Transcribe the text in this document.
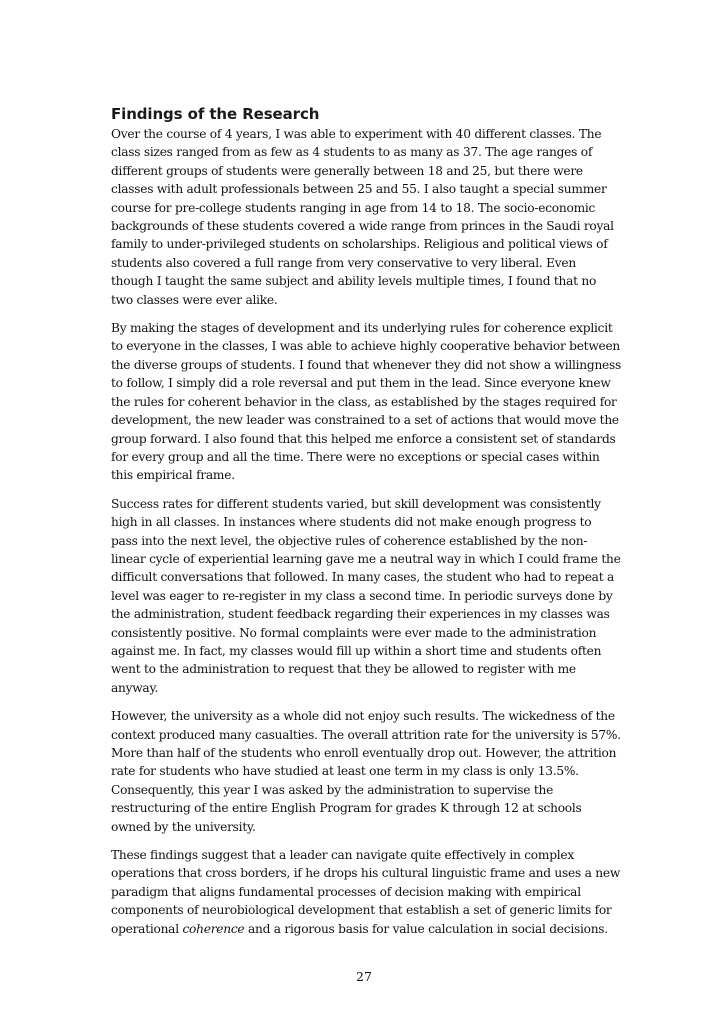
Findings of the Research

Over the course of 4 years, I was able to experiment with 40 different classes. The class sizes ranged from as few as 4 students to as many as 37. The age ranges of different groups of students were generally between 18 and 25, but there were classes with adult professionals between 25 and 55. I also taught a special summer course for pre-college students ranging in age from 14 to 18. The socio-economic backgrounds of these students covered a wide range from princes in the Saudi royal family to under-privileged students on scholarships. Religious and political views of students also covered a full range from very conservative to very liberal. Even though I taught the same subject and ability levels multiple times, I found that no two classes were ever alike.

By making the stages of development and its underlying rules for coherence explicit to everyone in the classes, I was able to achieve highly cooperative behavior between the diverse groups of students. I found that whenever they did not show a willingness to follow, I simply did a role reversal and put them in the lead. Since everyone knew the rules for coherent behavior in the class, as established by the stages required for development, the new leader was constrained to a set of actions that would move the group forward. I also found that this helped me enforce a consistent set of standards for every group and all the time. There were no exceptions or special cases within this empirical frame.

Success rates for different students varied, but skill development was consistently high in all classes. In instances where students did not make enough progress to pass into the next level, the objective rules of coherence established by the non-linear cycle of experiential learning gave me a neutral way in which I could frame the difficult conversations that followed. In many cases, the student who had to repeat a level was eager to re-register in my class a second time. In periodic surveys done by the administration, student feedback regarding their experiences in my classes was consistently positive. No formal complaints were ever made to the administration against me. In fact, my classes would fill up within a short time and students often went to the administration to request that they be allowed to register with me anyway.

However, the university as a whole did not enjoy such results. The wickedness of the context produced many casualties. The overall attrition rate for the university is 57%. More than half of the students who enroll eventually drop out. However, the attrition rate for students who have studied at least one term in my class is only 13.5%. Consequently, this year I was asked by the administration to supervise the restructuring of the entire English Program for grades K through 12 at schools owned by the university.

These findings suggest that a leader can navigate quite effectively in complex operations that cross borders, if he drops his cultural linguistic frame and uses a new paradigm that aligns fundamental processes of decision making with empirical components of neurobiological development that establish a set of generic limits for operational coherence and a rigorous basis for value calculation in social decisions.

27
